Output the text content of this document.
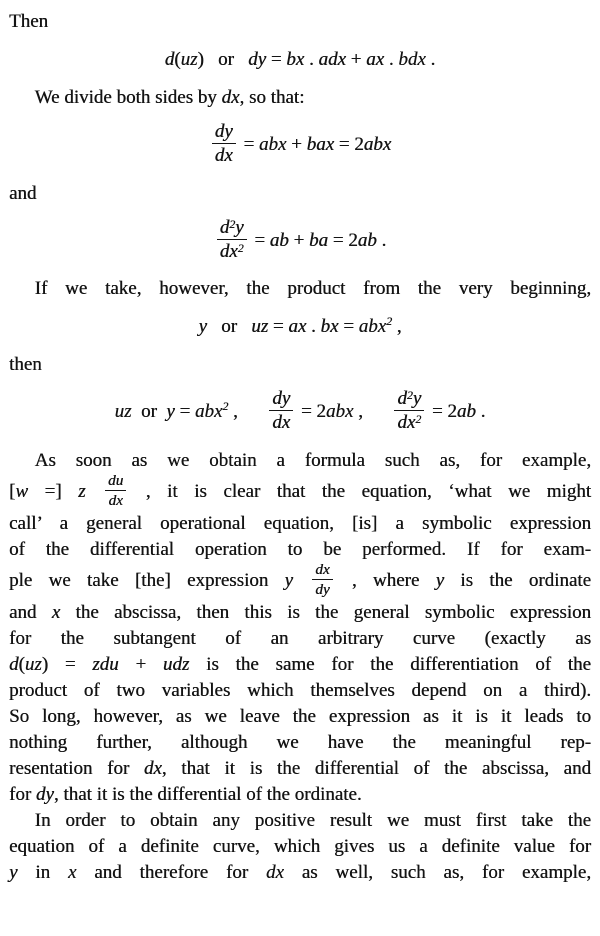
Then
d(uz)   or   dy = bx . adx + ax . bdx .
We divide both sides by dx, so that:
$\frac{dy}{dx}$ = abx + bax = 2abx
and
$\frac{d^2y}{dx^2}$ = ab + ba = 2ab .
If we take, however, the product from the very beginning,
y   or   uz = ax . bx = abx$^2$ ,
then
uz  or  y = abx$^2$ , $\frac{dy}{dx} = 2abx$ , $\frac{d^2y}{dx^2} = 2ab$ .
As soon as we obtain a formula such as, for example,
[w =] z $\frac{du}{dx}$ , it is clear that the equation, ‘what we might
call’ a general operational equation, [is] a symbolic expression
of the differential operation to be performed. If for exam-
ple we take [the] expression y $\frac{dx}{dy}$ , where y is the ordinate
and x the abscissa, then this is the general symbolic expression
for the subtangent of an arbitrary curve (exactly as
d(uz) = zdu + udz is the same for the differentiation of the
product of two variables which themselves depend on a third).
So long, however, as we leave the expression as it is it leads to
nothing further, although we have the meaningful rep-
resentation for dx, that it is the differential of the abscissa, and
for dy, that it is the differential of the ordinate.
In order to obtain any positive result we must first take the
equation of a definite curve, which gives us a definite value for
y in x and therefore for dx as well, such as, for example,
